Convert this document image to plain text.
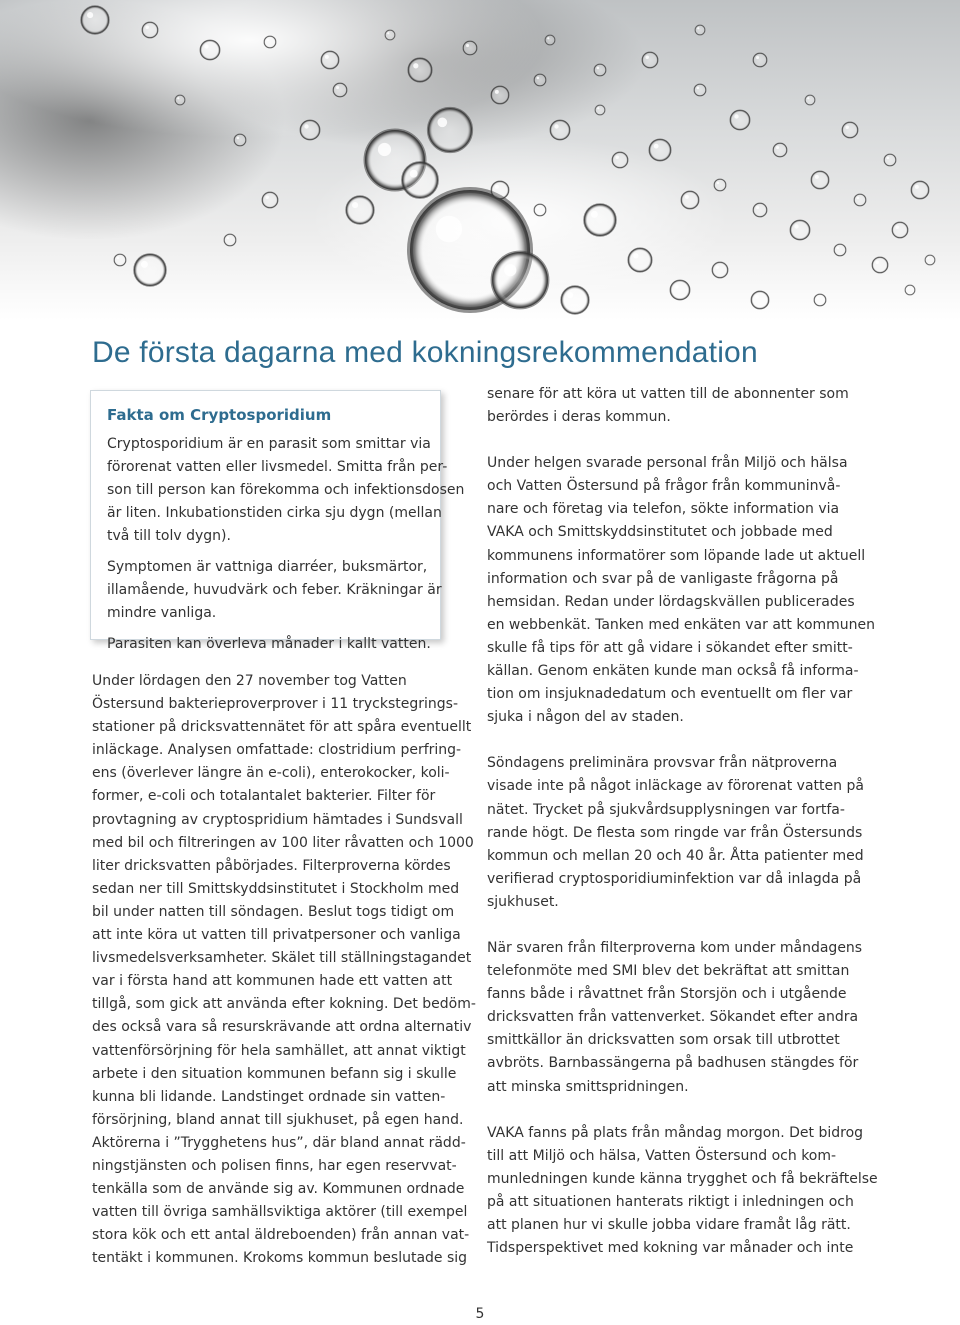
De första dagarna med kokningsrekommendation
Fakta om Cryptosporidium

Cryptosporidium är en parasit som smittar via
förorenat vatten eller livsmedel. Smitta från per-
son till person kan förekomma och infektionsdosen
är liten. Inkubationstiden cirka sju dygn (mellan
två till tolv dygn).

Symptomen är vattniga diarréer, buksmärtor,
illamående, huvudvärk och feber. Kräkningar är
mindre vanliga.

Parasiten kan överleva månader i kallt vatten.

Under lördagen den 27 november tog Vatten
Östersund bakterieproverprover i 11 tryckstegrings-
stationer på dricksvattennätet för att spåra eventuellt
inläckage. Analysen omfattade: clostridium perfring-
ens (överlever längre än e-coli), enterokocker, koli-
former, e-coli och totalantalet bakterier. Filter för
provtagning av cryptospridium hämtades i Sundsvall
med bil och filtreringen av 100 liter råvatten och 1000
liter dricksvatten påbörjades. Filterproverna kördes
sedan ner till Smittskyddsinstitutet i Stockholm med
bil under natten till söndagen. Beslut togs tidigt om
att inte köra ut vatten till privatpersoner och vanliga
livsmedelsverksamheter. Skälet till ställningstagandet
var i första hand att kommunen hade ett vatten att
tillgå, som gick att använda efter kokning. Det bedöm-
des också vara så resurskrävande att ordna alternativ
vattenförsörjning för hela samhället, att annat viktigt
arbete i den situation kommunen befann sig i skulle
kunna bli lidande. Landstinget ordnade sin vatten-
försörjning, bland annat till sjukhuset, på egen hand.
Aktörerna i ”Trygghetens hus”, där bland annat rädd-
ningstjänsten och polisen finns, har egen reservvat-
tenkälla som de använde sig av. Kommunen ordnade
vatten till övriga samhällsviktiga aktörer (till exempel
stora kök och ett antal äldreboenden) från annan vat-
tentäkt i kommunen. Krokoms kommun beslutade sig

senare för att köra ut vatten till de abonnenter som
berördes i deras kommun.

Under helgen svarade personal från Miljö och hälsa
och Vatten Östersund på frågor från kommuninvå-
nare och företag via telefon, sökte information via
VAKA och Smittskyddsinstitutet och jobbade med
kommunens informatörer som löpande lade ut aktuell
information och svar på de vanligaste frågorna på
hemsidan. Redan under lördagskvällen publicerades
en webbenkät. Tanken med enkäten var att kommunen
skulle få tips för att gå vidare i sökandet efter smitt-
källan. Genom enkäten kunde man också få informa-
tion om insjuknadedatum och eventuellt om fler var
sjuka i någon del av staden.

Söndagens preliminära provsvar från nätproverna
visade inte på något inläckage av förorenat vatten på
nätet. Trycket på sjukvårdsupplysningen var fortfa-
rande högt. De flesta som ringde var från Östersunds
kommun och mellan 20 och 40 år. Åtta patienter med
verifierad cryptosporidiuminfektion var då inlagda på
sjukhuset.

När svaren från filterproverna kom under måndagens
telefonmöte med SMI blev det bekräftat att smittan
fanns både i råvattnet från Storsjön och i utgående
dricksvatten från vattenverket. Sökandet efter andra
smittkällor än dricksvatten som orsak till utbrottet
avbröts. Barnbassängerna på badhusen stängdes för
att minska smittspridningen.

VAKA fanns på plats från måndag morgon. Det bidrog
till att Miljö och hälsa, Vatten Östersund och kom-
munledningen kunde känna trygghet och få bekräftelse
på att situationen hanterats riktigt i inledningen och
att planen hur vi skulle jobba vidare framåt låg rätt.
Tidsperspektivet med kokning var månader och inte

5
